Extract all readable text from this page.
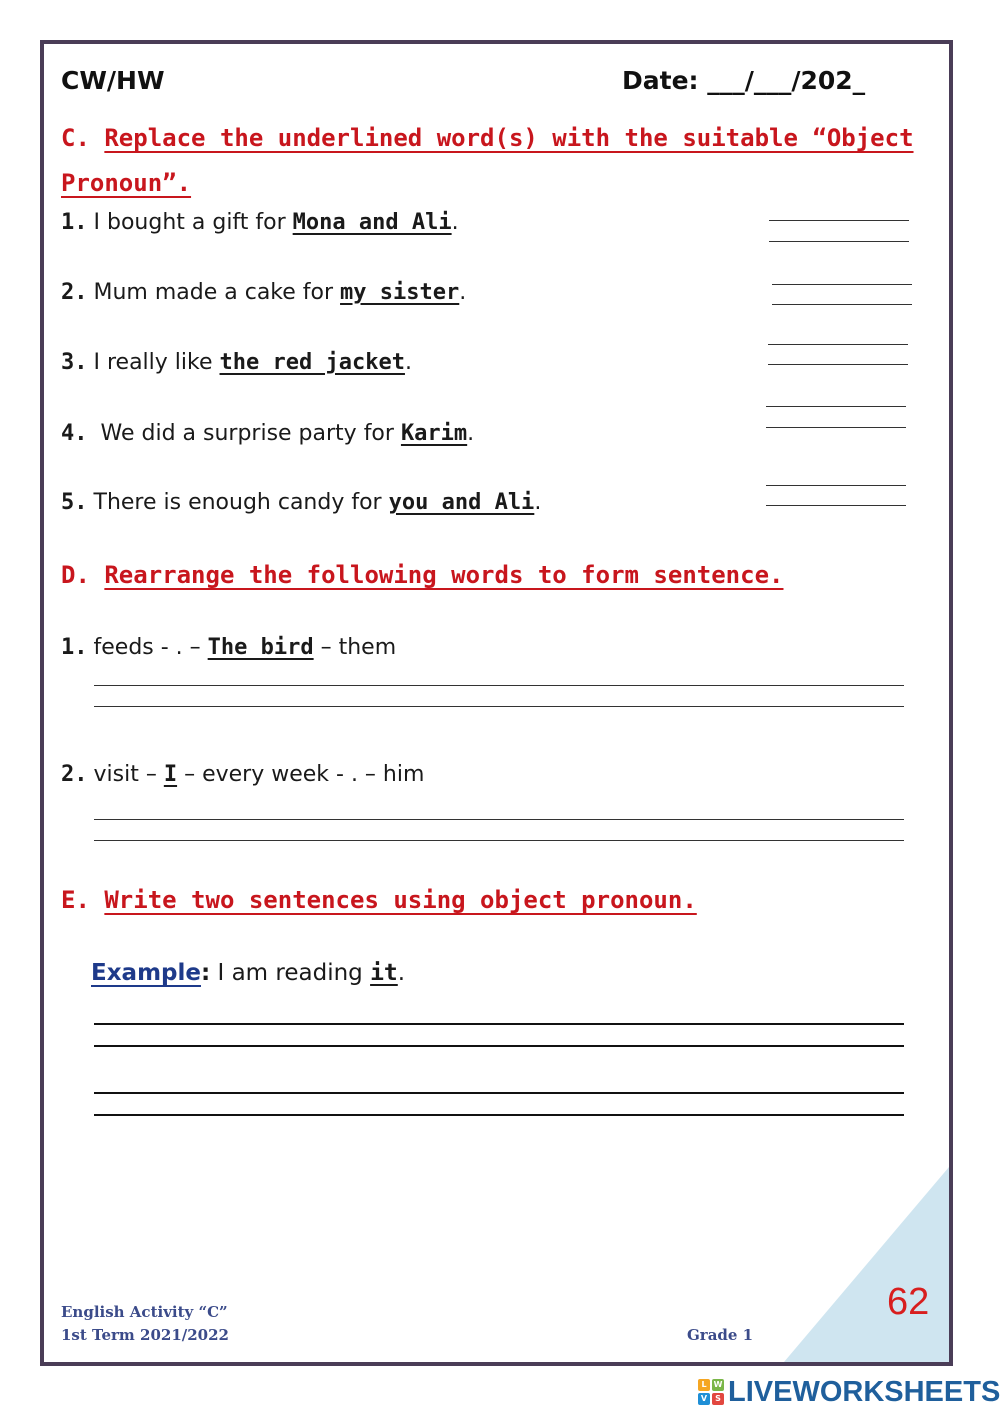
CW/HW	Date: ___/___/202_
C. Replace the underlined word(s) with the suitable “Object
Pronoun”.
1. I bought a gift for Mona and Ali.
2. Mum made a cake for my sister.
3. I really like the red jacket.
4. We did a surprise party for Karim.
5. There is enough candy for you and Ali.
D. Rearrange the following words to form sentence.
1. feeds - . – The bird – them
2. visit – I – every week - . – him
E. Write two sentences using object pronoun.
Example: I am reading it.
English Activity “C”
1st Term 2021/2022	Grade 1
62
L W
V	S LIVEWORKSHEETS
